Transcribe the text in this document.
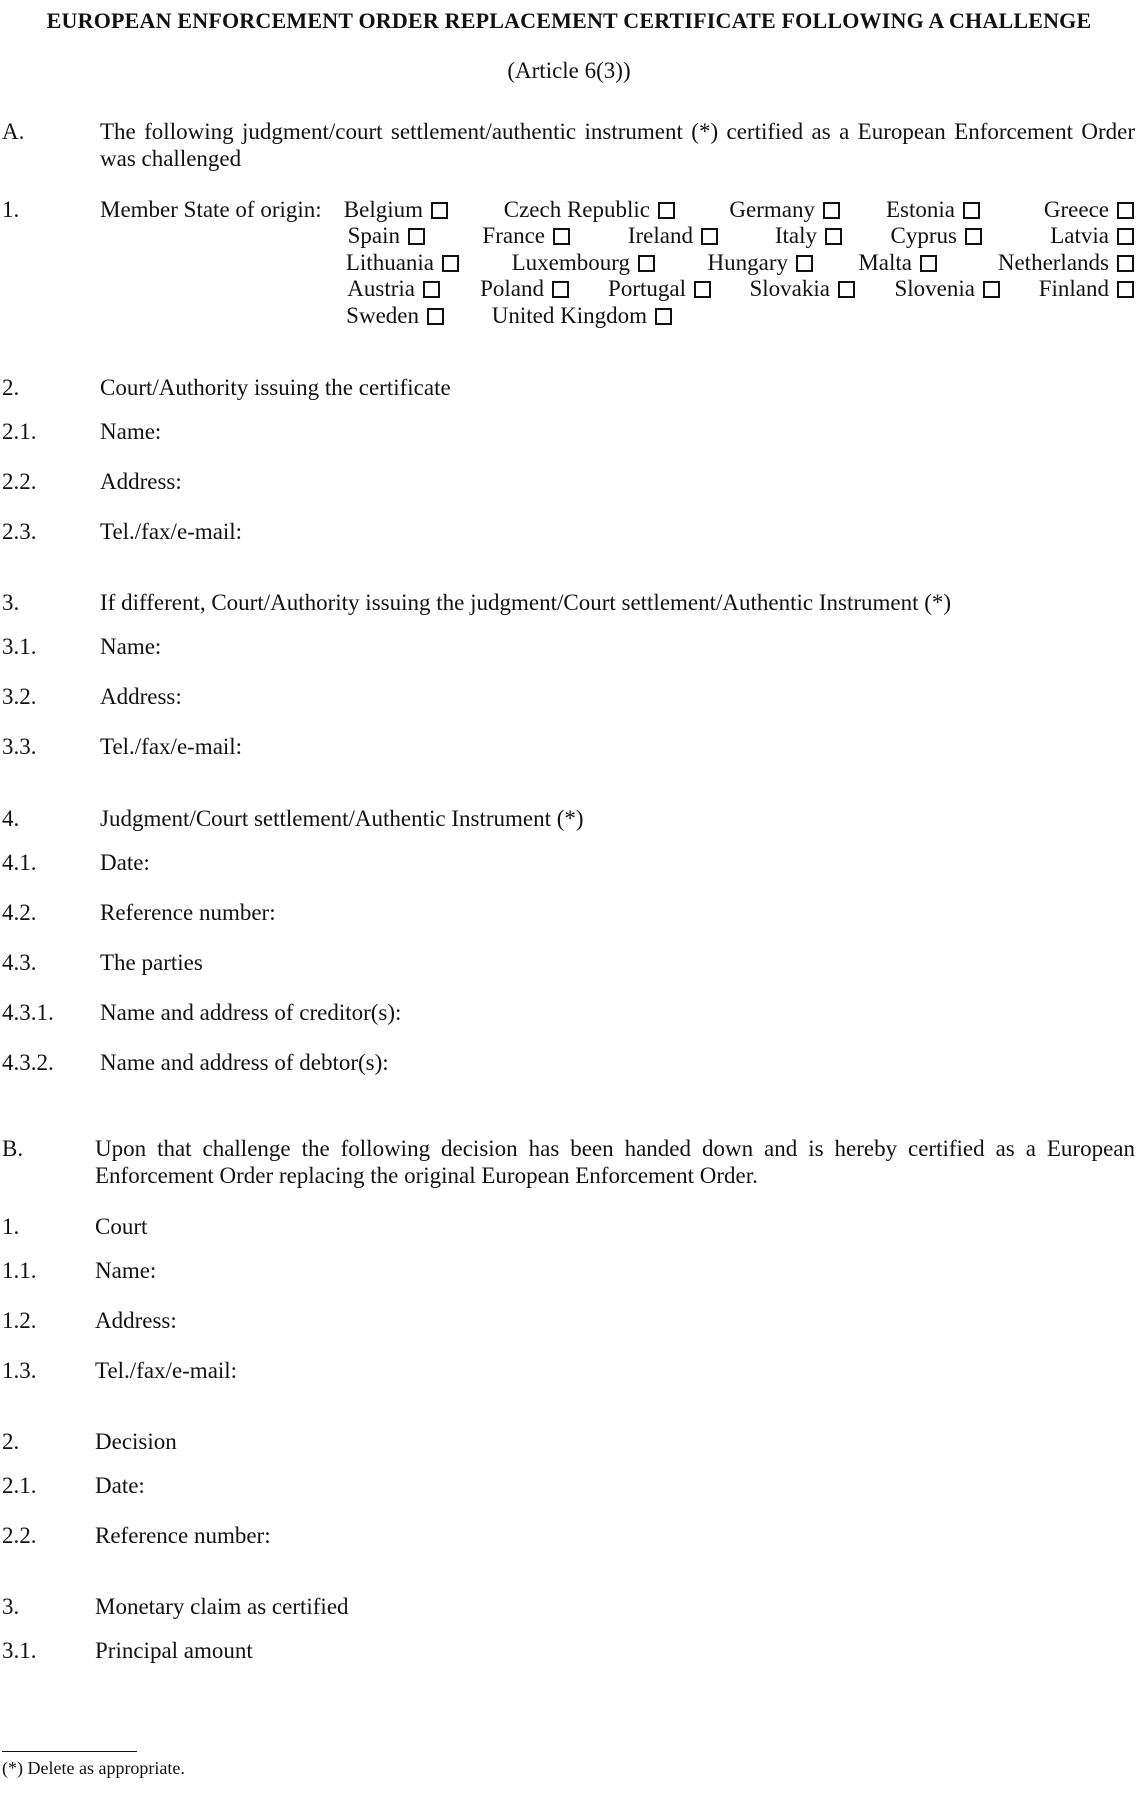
EUROPEAN ENFORCEMENT ORDER REPLACEMENT CERTIFICATE FOLLOWING A CHALLENGE
(Article 6(3))
A.	The following judgment/court settlement/authentic instrument (*) certified as a European Enforcement Order was challenged
1.	Member State of origin: Belgium	Czech Republic	Germany	Estonia	Greece
Spain	France	Ireland	Italy	Cyprus	Latvia
Lithuania	Luxembourg	Hungary	Malta	Netherlands
Austria	Poland	Portugal	Slovakia	Slovenia	Finland
Sweden	United Kingdom
2.	Court/Authority issuing the certificate
2.1.	Name:
2.2.	Address:
2.3.	Tel./fax/e-mail:
3.	If different, Court/Authority issuing the judgment/Court settlement/Authentic Instrument (*)
3.1.	Name:
3.2.	Address:
3.3.	Tel./fax/e-mail:
4.	Judgment/Court settlement/Authentic Instrument (*)
4.1.	Date:
4.2.	Reference number:
4.3.	The parties
4.3.1. Name and address of creditor(s):
4.3.2. Name and address of debtor(s):
B.	Upon that challenge the following decision has been handed down and is hereby certified as a European Enforcement Order replacing the original European Enforcement Order.
1.	Court
1.1.	Name:
1.2.	Address:
1.3.	Tel./fax/e-mail:
2.	Decision
2.1.	Date:
2.2.	Reference number:
3.	Monetary claim as certified
3.1.	Principal amount
(*) Delete as appropriate.
